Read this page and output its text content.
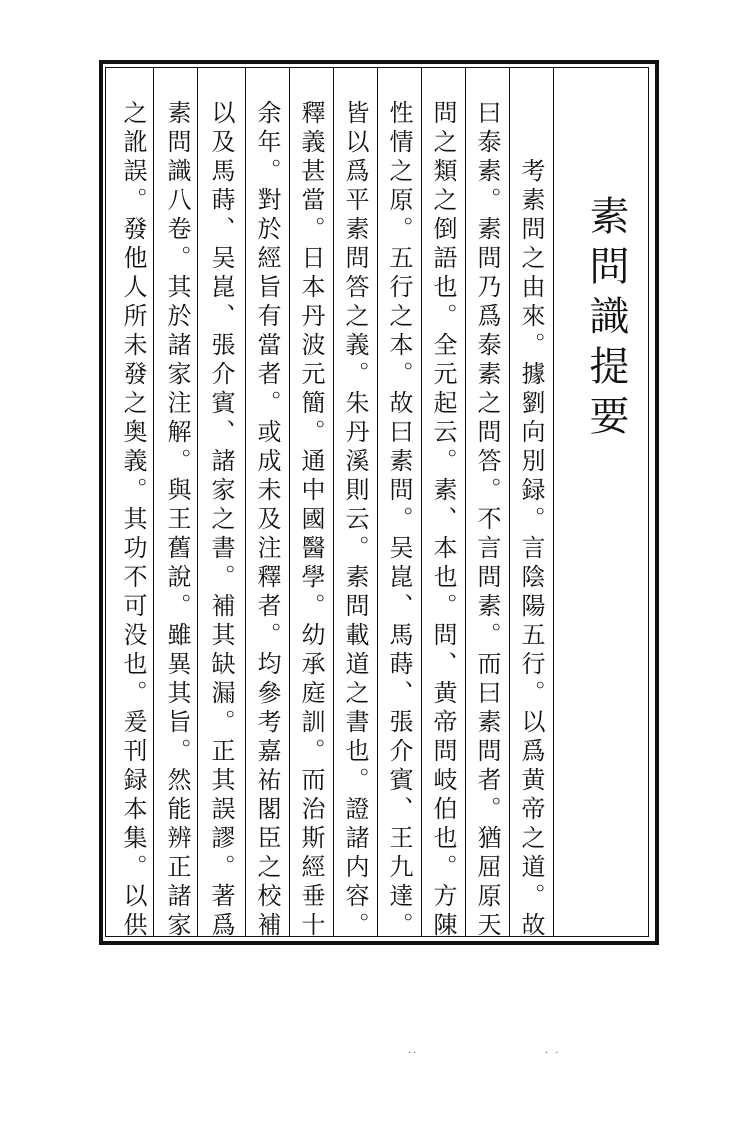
素問識提要
考素問之由來。據劉向別録。言陰陽五行。以爲黄帝之道。故
曰泰素。素問乃爲泰素之問答。不言問素。而曰素問者。猶屈原天
問之類之倒語也。全元起云。素、本也。問、黄帝問岐伯也。方陳
性情之原。五行之本。故曰素問。吴崑、馬蒔、張介賓、王九達。
皆以爲平素問答之義。朱丹溪則云。素問載道之書也。證諸内容。
釋義甚當。日本丹波元簡。通中國醫學。幼承庭訓。而治斯經垂十
余年。對於經旨有當者。或成未及注釋者。均參考嘉祐閣臣之校補
以及馬蒔、吴崑、張介賓、諸家之書。補其缺漏。正其誤謬。著爲
素問識八卷。其於諸家注解。與王舊說。雖異其旨。然能辨正諸家
之訛誤。發他人所未發之奥義。其功不可没也。爰刊録本集。以供
··	· ·
